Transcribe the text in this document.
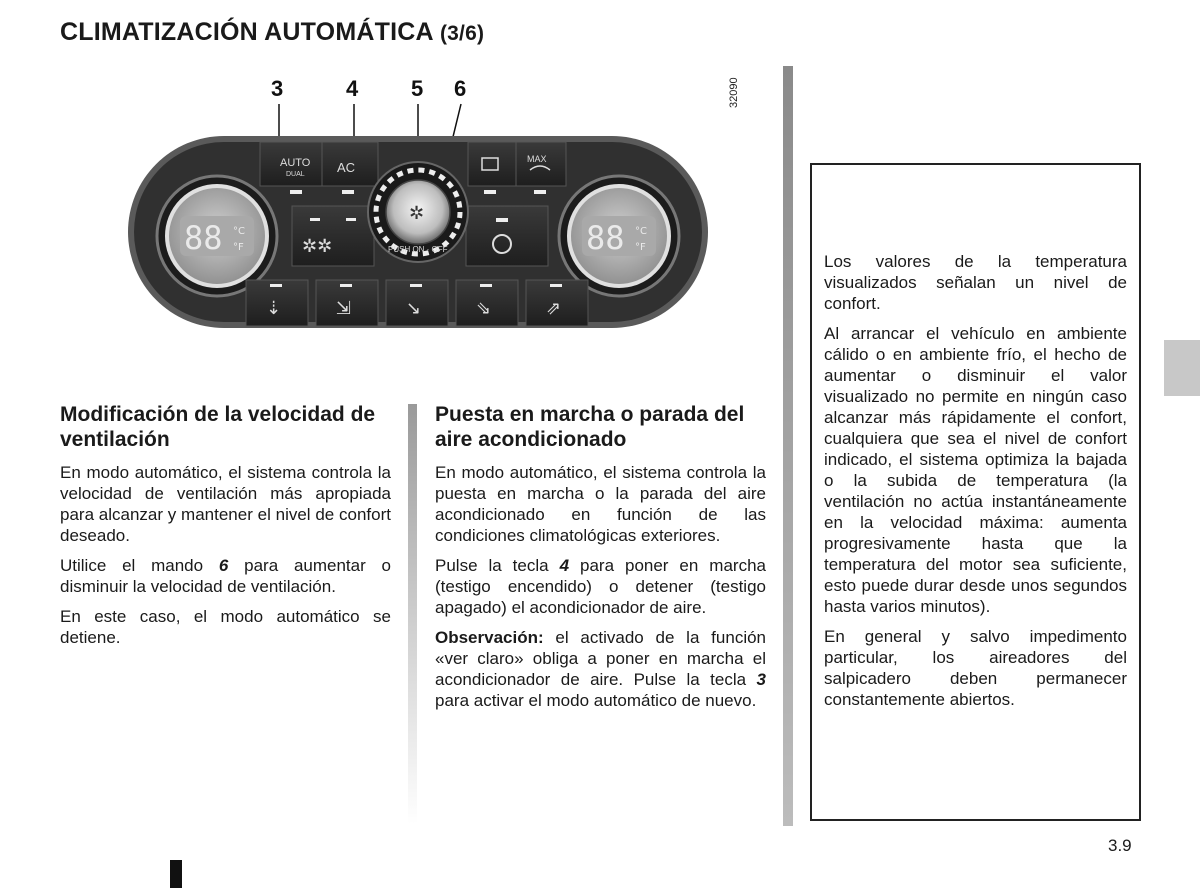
CLIMATIZACIÓN AUTOMÁTICA (3/6)
3	4 5 6	32090
88 °C
°F	88 °C
°F
AUTO
DUAL AC
MAX
✲✲
✲
PUSH ON · OFF
⇣	⇲	↘	⇘	⇗
Modificación de la velocidad de ventilación

En modo automático, el sistema controla la velocidad de ventilación más apropiada para alcanzar y mantener el nivel de confort deseado.

Utilice el mando 6 para aumentar o disminuir la velocidad de ventilación.

En este caso, el modo automático se detiene.

Puesta en marcha o parada del aire acondicionado

En modo automático, el sistema controla la puesta en marcha o la parada del aire acondicionado en función de las condiciones climatológicas exteriores.

Pulse la tecla 4 para poner en marcha (testigo encendido) o detener (testigo apagado) el acondicionador de aire.

Observación: el activado de la función «ver claro» obliga a poner en marcha el acondicionador de aire. Pulse la tecla 3 para activar el modo automático de nuevo.

Los valores de la temperatura visualizados señalan un nivel de confort.

Al arrancar el vehículo en ambiente cálido o en ambiente frío, el hecho de aumentar o disminuir el valor visualizado no permite en ningún caso alcanzar más rápidamente el confort, cualquiera que sea el nivel de confort indicado, el sistema optimiza la bajada o la subida de temperatura (la ventilación no actúa instantáneamente en la velocidad máxima: aumenta progresivamente hasta que la temperatura del motor sea suficiente, esto puede durar desde unos segundos hasta varios minutos).

En general y salvo impedimento particular, los aireadores del salpicadero deben permanecer constantemente abiertos.

3.9
